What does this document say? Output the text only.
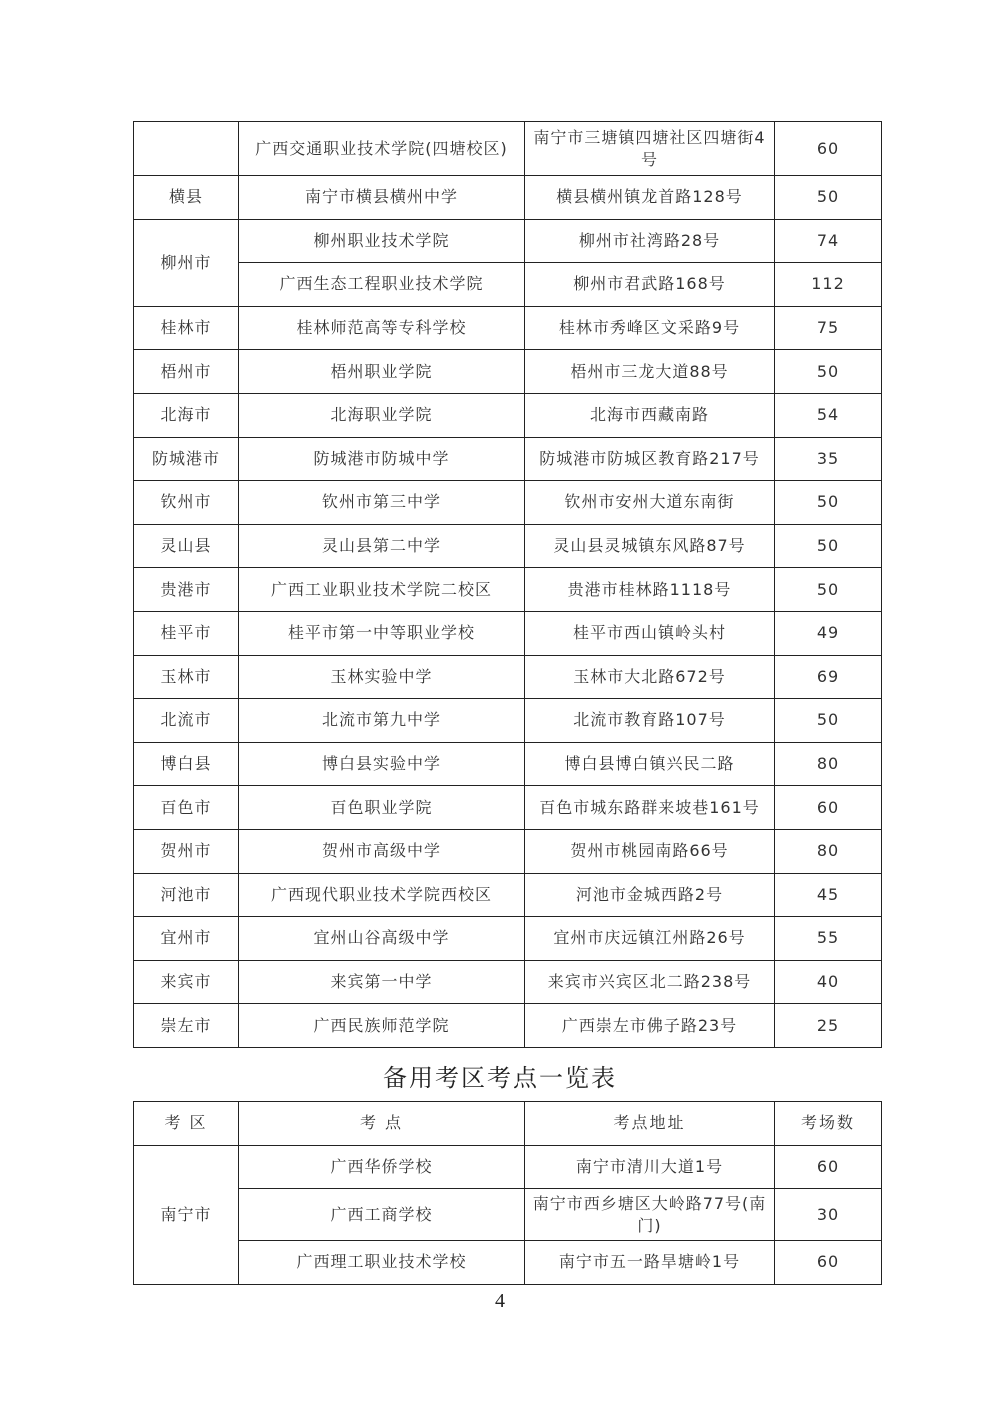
	广西交通职业技术学院(四塘校区)	南宁市三塘镇四塘社区四塘街4号	60
横县	南宁市横县横州中学	横县横州镇龙首路128号	50
柳州市	柳州职业技术学院	柳州市社湾路28号	74
	广西生态工程职业技术学院	柳州市君武路168号	112
桂林市	桂林师范高等专科学校	桂林市秀峰区文采路9号	75
梧州市	梧州职业学院	梧州市三龙大道88号	50
北海市	北海职业学院	北海市西藏南路	54
防城港市	防城港市防城中学	防城港市防城区教育路217号	35
钦州市	钦州市第三中学	钦州市安州大道东南街	50
灵山县	灵山县第二中学	灵山县灵城镇东风路87号	50
贵港市	广西工业职业技术学院二校区	贵港市桂林路1118号	50
桂平市	桂平市第一中等职业学校	桂平市西山镇岭头村	49
玉林市	玉林实验中学	玉林市大北路672号	69
北流市	北流市第九中学	北流市教育路107号	50
博白县	博白县实验中学	博白县博白镇兴民二路	80
百色市	百色职业学院	百色市城东路群来坡巷161号	60
贺州市	贺州市高级中学	贺州市桃园南路66号	80
河池市	广西现代职业技术学院西校区	河池市金城西路2号	45
宜州市	宜州山谷高级中学	宜州市庆远镇江州路26号	55
来宾市	来宾第一中学	来宾市兴宾区北二路238号	40
崇左市	广西民族师范学院	广西崇左市佛子路23号	25
备用考区考点一览表
考 区	考 点	考点地址	考场数
南宁市	广西华侨学校	南宁市清川大道1号	60
	广西工商学校	南宁市西乡塘区大岭路77号(南门)	30
	广西理工职业技术学校	南宁市五一路旱塘岭1号	60
4
